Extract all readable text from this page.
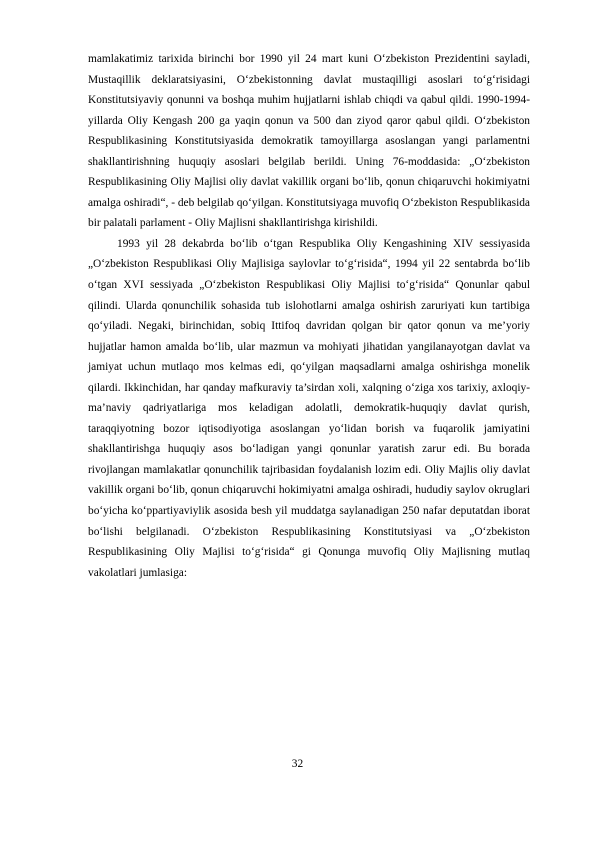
mamlakatimiz tarixida birinchi bor 1990 yil 24 mart kuni O‘zbekiston Prezidentini sayladi, Mustaqillik deklaratsiyasini, O‘zbekistonning davlat mustaqilligi asoslari to‘g‘risidagi Konstitutsiyaviy qonunni va boshqa muhim hujjatlarni ishlab chiqdi va qabul qildi. 1990-1994-yillarda Oliy Kengash 200 ga yaqin qonun va 500 dan ziyod qaror qabul qildi. O‘zbekiston Respublikasining Konstitutsiyasida demokratik tamoyillarga asoslangan yangi parlamentni shakllantirishning huquqiy asoslari belgilab berildi. Uning 76-moddasida: „O‘zbekiston Respublikasining Oliy Majlisi oliy davlat vakillik organi bo‘lib, qonun chiqaruvchi hokimiyatni amalga oshiradi“, - deb belgilab qo‘yilgan. Konstitutsiyaga muvofiq O‘zbekiston Respublikasida bir palatali parlament - Oliy Majlisni shakllantirishga kirishildi.

1993 yil 28 dekabrda bo‘lib o‘tgan Respublika Oliy Kengashining XIV sessiyasida „O‘zbekiston Respublikasi Oliy Majlisiga saylovlar to‘g‘risida“, 1994 yil 22 sentabrda bo‘lib o‘tgan XVI sessiyada „O‘zbekiston Respublikasi Oliy Majlisi to‘g‘risida“ Qonunlar qabul qilindi. Ularda qonunchilik sohasida tub islohotlarni amalga oshirish zaruriyati kun tartibiga qo‘yiladi. Negaki, birinchidan, sobiq Ittifoq davridan qolgan bir qator qonun va me’yoriy hujjatlar hamon amalda bo‘lib, ular mazmun va mohiyati jihatidan yangilanayotgan davlat va jamiyat uchun mutlaqo mos kelmas edi, qo‘yilgan maqsadlarni amalga oshirishga monelik qilardi. Ikkinchidan, har qanday mafkuraviy ta’sirdan xoli, xalqning o‘ziga xos tarixiy, axloqiy-ma’naviy qadriyatlariga mos keladigan adolatli, demokratik-huquqiy davlat qurish, taraqqiyotning bozor iqtisodiyotiga asoslangan yo‘lidan borish va fuqarolik jamiyatini shakllantirishga huquqiy asos bo‘ladigan yangi qonunlar yaratish zarur edi. Bu borada rivojlangan mamlakatlar qonunchilik tajribasidan foydalanish lozim edi. Oliy Majlis oliy davlat vakillik organi bo‘lib, qonun chiqaruvchi hokimiyatni amalga oshiradi, hududiy saylov okruglari bo‘yicha ko‘ppartiyaviylik asosida besh yil muddatga saylanadigan 250 nafar deputatdan iborat bo‘lishi belgilanadi. O‘zbekiston Respublikasining Konstitutsiyasi va „O‘zbekiston Respublikasining Oliy Majlisi to‘g‘risida“ gi Qonunga muvofiq Oliy Majlisning mutlaq vakolatlari jumlasiga:

32
